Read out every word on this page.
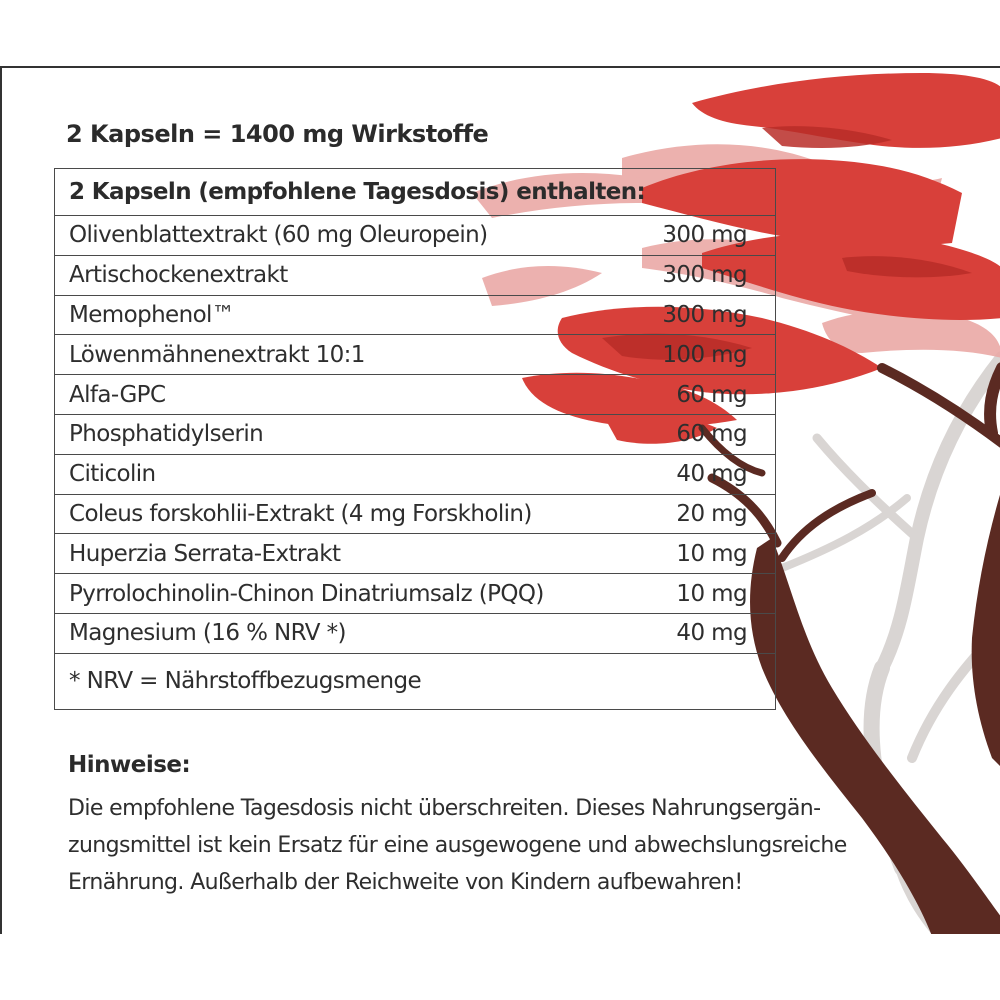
2 Kapseln = 1400 mg Wirkstoffe
2 Kapseln (empfohlene Tagesdosis) enthalten:	
Olivenblattextrakt (60 mg Oleuropein)	300 mg
Artischockenextrakt	300 mg
Memophenol™	300 mg
Löwenmähnenextrakt 10:1	100 mg
Alfa-GPC	60 mg
Phosphatidylserin	60 mg
Citicolin	40 mg
Coleus forskohlii-Extrakt (4 mg Forskholin)	20 mg
Huperzia Serrata-Extrakt	10 mg
Pyrrolochinolin-Chinon Dinatriumsalz (PQQ)	10 mg
Magnesium (16 % NRV *)	40 mg
* NRV = Nährstoffbezugsmenge	
Hinweise:

Die empfohlene Tagesdosis nicht überschreiten. Dieses Nahrungsergän-
zungsmittel ist kein Ersatz für eine ausgewogene und abwechslungsreiche
Ernährung. Außerhalb der Reichweite von Kindern aufbewahren!
